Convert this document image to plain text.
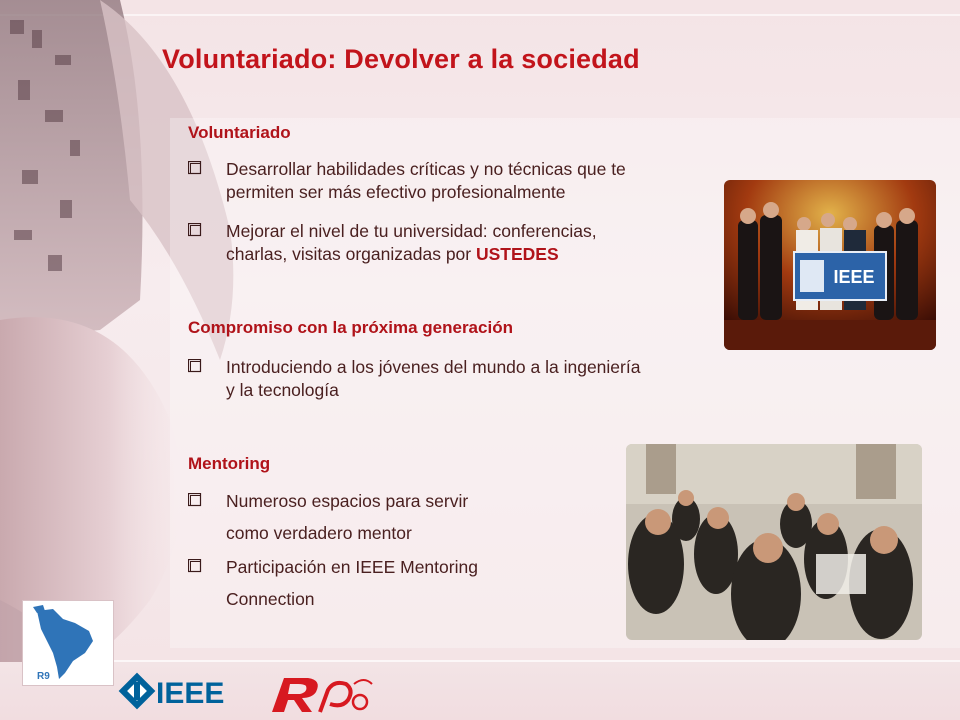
Voluntariado: Devolver a la sociedad
Voluntariado
Desarrollar habilidades críticas y no técnicas que te
permiten ser más efectivo profesionalmente
Mejorar el nivel de tu universidad: conferencias,
charlas, visitas organizadas por USTEDES
Compromiso con la próxima generación
Introduciendo a los jóvenes del mundo a la ingeniería
y la tecnología
Mentoring
Numeroso espacios para servir
como verdadero mentor
Participación en IEEE Mentoring
Connection
IEEE
R9
IEEE
